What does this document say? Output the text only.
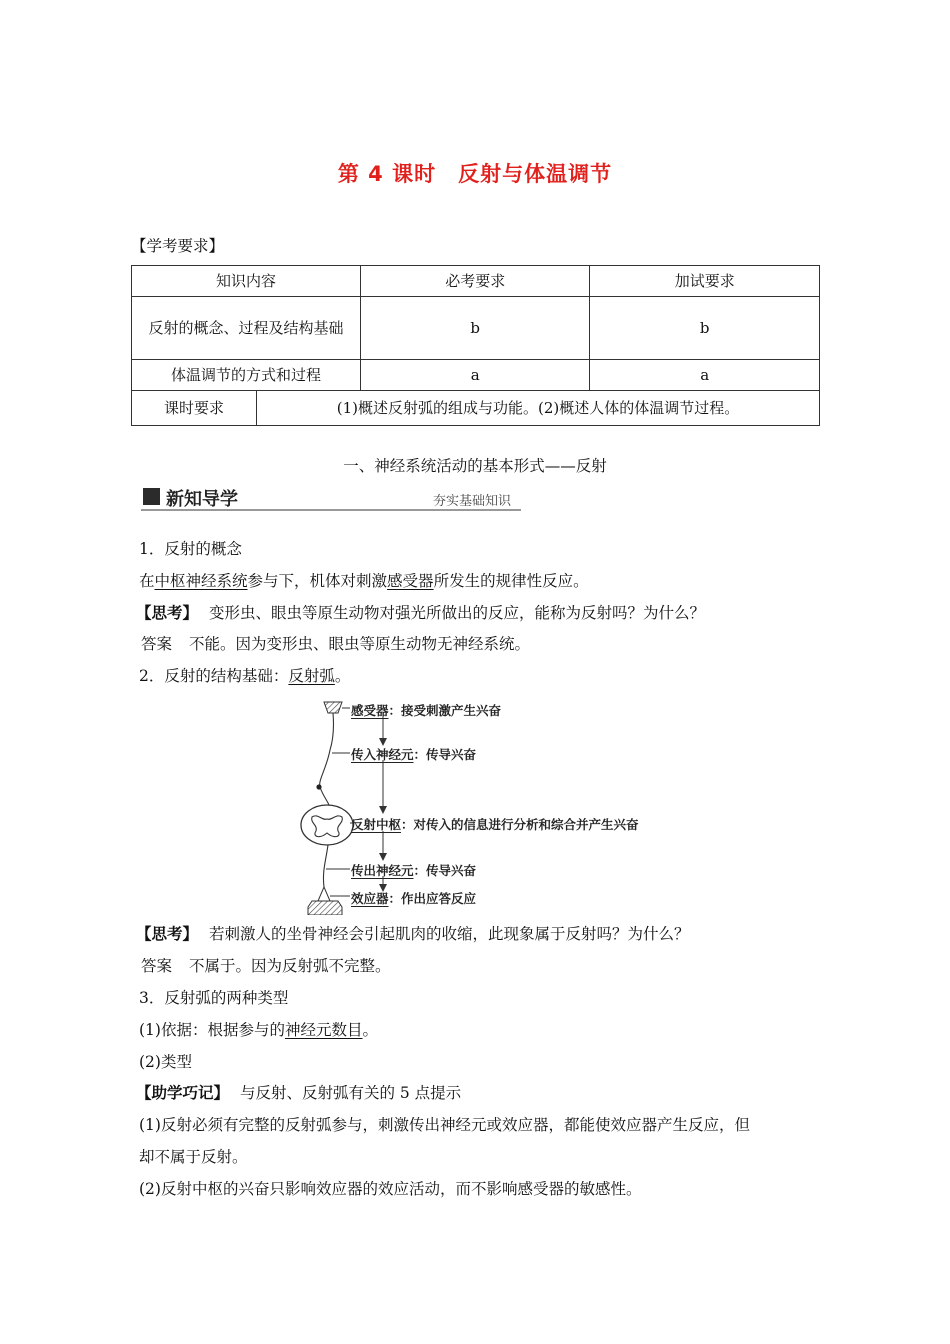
第 4 课时　反射与体温调节
【学考要求】
知识内容		必考要求	加试要求

反射的概念、过程及结构基础		b	b
体温调节的方式和过程		a	a
课时要求	(1)概述反射弧的组成与功能。(2)概述人体的体温调节过程。		
一、神经系统活动的基本形式——反射
新知导学	夯实基础知识
1．反射的概念
在中枢神经系统参与下，机体对刺激感受器所发生的规律性反应。
【思考】 变形虫、眼虫等原生动物对强光所做出的反应，能称为反射吗？为什么？
答案 不能。因为变形虫、眼虫等原生动物无神经系统。
2．反射的结构基础：反射弧。
感受器：接受刺激产生兴奋
传入神经元：传导兴奋
反射中枢：对传入的信息进行分析和综合并产生兴奋
传出神经元：传导兴奋
效应器：作出应答反应
【思考】 若刺激人的坐骨神经会引起肌肉的收缩，此现象属于反射吗？为什么？
答案 不属于。因为反射弧不完整。
3．反射弧的两种类型
(1)依据：根据参与的神经元数目。
(2)类型
【助学巧记】 与反射、反射弧有关的 5 点提示
(1)反射必须有完整的反射弧参与，刺激传出神经元或效应器，都能使效应器产生反应，但
却不属于反射。
(2)反射中枢的兴奋只影响效应器的效应活动，而不影响感受器的敏感性。
